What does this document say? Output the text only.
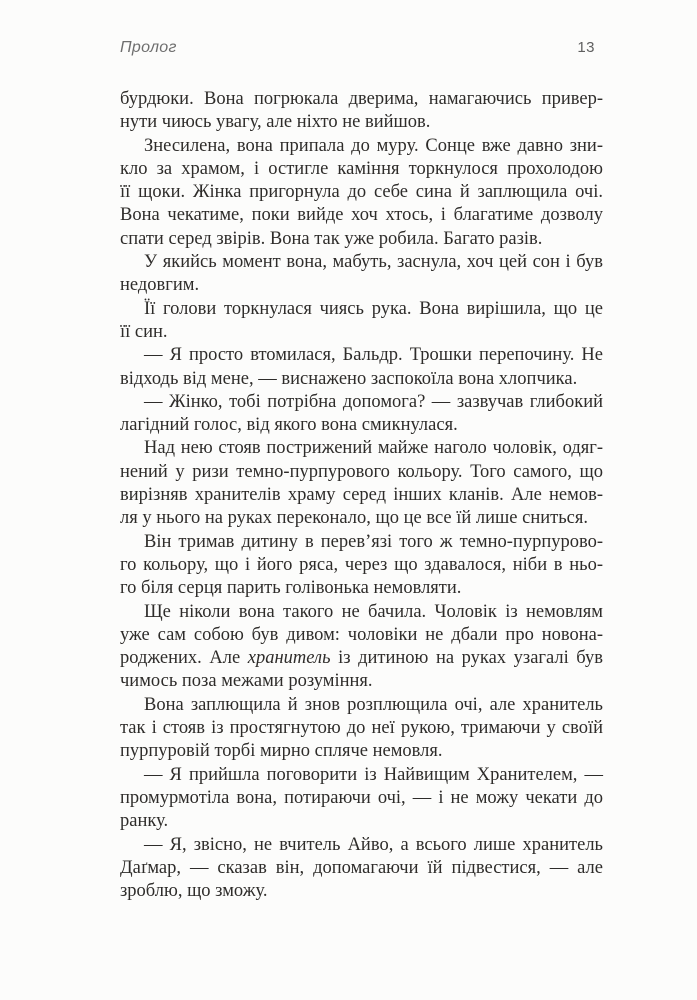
Пролог	13
бурдюки. Вона погрюкала дверима, намагаючись привер-
нути чиюсь увагу, але ніхто не вийшов.
Знесилена, вона припала до муру. Сонце вже давно зни-
кло за храмом, і остигле каміння торкнулося прохолодою
її щоки. Жінка пригорнула до себе сина й заплющила очі.
Вона чекатиме, поки вийде хоч хтось, і благатиме дозволу
спати серед звірів. Вона так уже робила. Багато разів.
У якийсь момент вона, мабуть, заснула, хоч цей сон і був
недовгим.
Її голови торкнулася чиясь рука. Вона вирішила, що це
її син.
— Я просто втомилася, Бальдр. Трошки перепочину. Не
відходь від мене, — виснажено заспокоїла вона хлопчика.
— Жінко, тобі потрібна допомога? — зазвучав глибокий
лагідний голос, від якого вона смикнулася.
Над нею стояв пострижений майже наголо чоловік, одяг-
нений у ризи темно-пурпурового кольору. Того самого, що
вирізняв хранителів храму серед інших кланів. Але немов-
ля у нього на руках переконало, що це все їй лише сниться.
Він тримав дитину в перев’язі того ж темно-пурпурово-
го кольору, що і його ряса, через що здавалося, ніби в ньо-
го біля серця парить голівонька немовляти.
Ще ніколи вона такого не бачила. Чоловік із немовлям
уже сам собою був дивом: чоловіки не дбали про новона-
роджених. Але хранитель із дитиною на руках узагалі був
чимось поза межами розуміння.
Вона заплющила й знов розплющила очі, але хранитель
так і стояв із простягнутою до неї рукою, тримаючи у своїй
пурпуровій торбі мирно спляче немовля.
— Я прийшла поговорити із Найвищим Хранителем, —
промурмотіла вона, потираючи очі, — і не можу чекати до
ранку.
— Я, звісно, не вчитель Айво, а всього лише хранитель
Даґмар, — сказав він, допомагаючи їй підвестися, — але
зроблю, що зможу.
